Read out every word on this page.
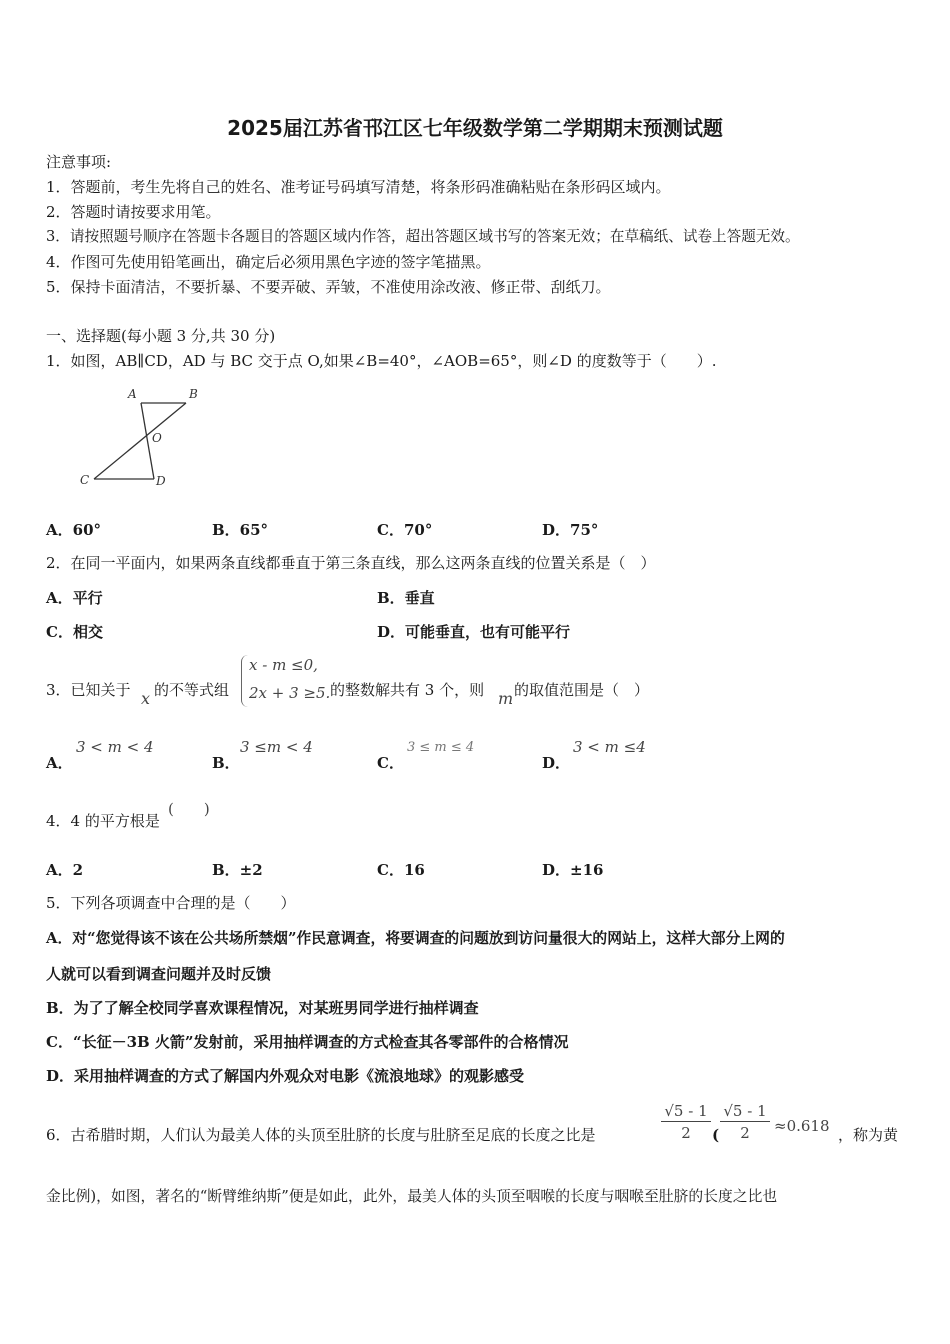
2025届江苏省邗江区七年级数学第二学期期末预测试题
注意事项:
1．答题前，考生先将自己的姓名、准考证号码填写清楚，将条形码准确粘贴在条形码区域内。
2．答题时请按要求用笔。
3．请按照题号顺序在答题卡各题目的答题区域内作答，超出答题区域书写的答案无效；在草稿纸、试卷上答题无效。
4．作图可先使用铅笔画出，确定后必须用黑色字迹的签字笔描黑。
5．保持卡面清洁，不要折暴、不要弄破、弄皱，不准使用涂改液、修正带、刮纸刀。
一、选择题(每小题 3 分,共 30 分)
1．如图，AB∥CD，AD 与 BC 交于点 O,如果∠B=40°，∠AOB=65°，则∠D 的度数等于（　　）.
A	B
O
C	D
A．60°	B．65°	C．70°	D．75°
2．在同一平面内，如果两条直线都垂直于第三条直线，那么这两条直线的位置关系是（　）
A．平行	B．垂直
C．相交	D．可能垂直，也有可能平行
3．已知关于 x 的不等式组
x - m ≤0,
2x + 3 ≥5. 的整数解共有 3 个，则 m 的取值范围是（　）
A．
3 < m < 4
B．
3 ≤m < 4
C．
3 ≤ m ≤ 4
D．
3 < m ≤4
4．4 的平方根是
(　　)
A．2	B．±2	C．16	D．±16
5．下列各项调查中合理的是（　　）
A．对“您觉得该不该在公共场所禁烟”作民意调查，将要调查的问题放到访问量很大的网站上，这样大部分上网的
人就可以看到调查问题并及时反馈
B．为了了解全校同学喜欢课程情况，对某班男同学进行抽样调查
C．“长征－3B 火箭”发射前，采用抽样调查的方式检查其各零部件的合格情况
D．采用抽样调查的方式了解国内外观众对电影《流浪地球》的观影感受
6．古希腊时期，人们认为最美人体的头顶至肚脐的长度与肚脐至足底的长度之比是	$\frac{√5 - 1}{2}$ ( $\frac{√5 - 1}{2} \approx 0.618$ ，称为黄
金比例)，如图，著名的“断臂维纳斯”便是如此，此外，最美人体的头顶至咽喉的长度与咽喉至肚脐的长度之比也
